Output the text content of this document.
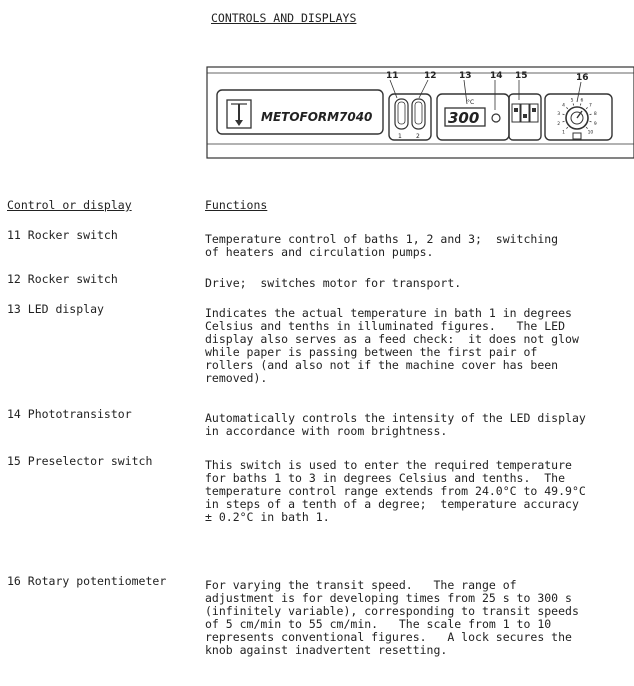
CONTROLS AND DISPLAYS
11	12 13 14 15	16
METOFORM 7040
1 2
°C
300
1
2
3
4
5 6
7
8
9
10
Control or display	Functions
11 Rocker switch	Temperature control of baths 1, 2 and 3;  switching
of heaters and circulation pumps.
12 Rocker switch	Drive;  switches motor for transport.
13 LED display	Indicates the actual temperature in bath 1 in degrees
Celsius and tenths in illuminated figures.   The LED
display also serves as a feed check:  it does not glow
while paper is passing between the first pair of
rollers (and also not if the machine cover has been
removed).
14 Phototransistor	Automatically controls the intensity of the LED display
in accordance with room brightness.
15 Preselector switch	This switch is used to enter the required temperature
for baths 1 to 3 in degrees Celsius and tenths.  The
temperature control range extends from 24.0°C to 49.9°C
in steps of a tenth of a degree;  temperature accuracy
± 0.2°C in bath 1.
16 Rotary potentiometer	For varying the transit speed.   The range of
adjustment is for developing times from 25 s to 300 s
(infinitely variable), corresponding to transit speeds
of 5 cm/min to 55 cm/min.   The scale from 1 to 10
represents conventional figures.   A lock secures the
knob against inadvertent resetting.
